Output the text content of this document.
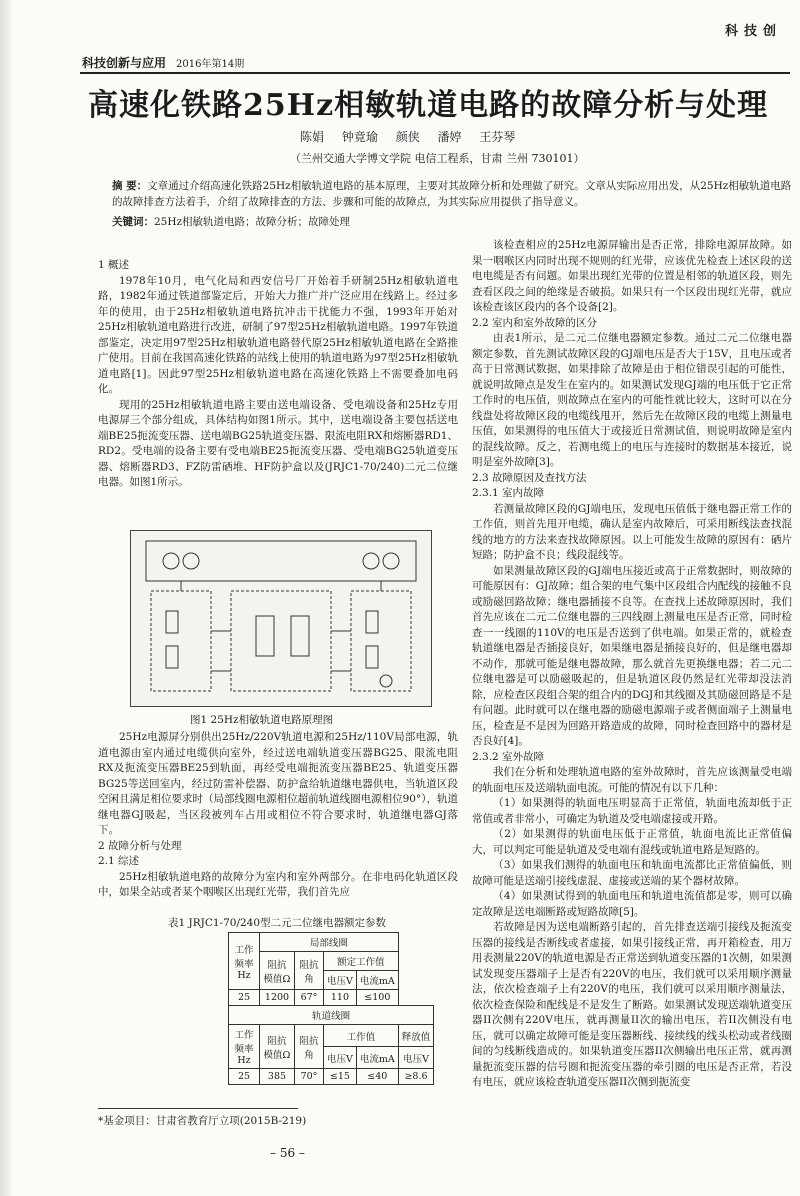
科技创
科技创新与应用 2016年第14期
高速化铁路25Hz相敏轨道电路的故障分析与处理
陈娟 钟竟瑜 颜侠 潘婷 王芬琴
（兰州交通大学博文学院 电信工程系，甘肃 兰州 730101）
摘 要：文章通过介绍高速化铁路25Hz相敏轨道电路的基本原理，主要对其故障分析和处理做了研究。文章从实际应用出发，从25Hz相敏轨道电路的故障排查方法着手，介绍了故障排查的方法、步骤和可能的故障点，为其实际应用提供了指导意义。
关键词：25Hz相敏轨道电路；故障分析；故障处理

1 概述

1978年10月，电气化局和西安信号厂开始着手研制25Hz相敏轨道电路，1982年通过铁道部鉴定后，开始大力推广并广泛应用在线路上。经过多年的使用，由于25Hz相敏轨道电路抗冲击干扰能力不强，1993年开始对25Hz相敏轨道电路进行改进，研制了97型25Hz相敏轨道电路。1997年铁道部鉴定，决定用97型25Hz相敏轨道电路替代原25Hz相敏轨道电路在全路推广使用。目前在我国高速化铁路的站线上使用的轨道电路为97型25Hz相敏轨道电路[1]。因此97型25Hz相敏轨道电路在高速化铁路上不需要叠加电码化。

现用的25Hz相敏轨道电路主要由送电端设备、受电端设备和25Hz专用电源屏三个部分组成，具体结构如图1所示。其中，送电端设备主要包括送电端BE25扼流变压器、送电端BG25轨道变压器、限流电阻RX和熔断器RD1、RD2。受电端的设备主要有受电端BE25扼流变压器、受电端BG25轨道变压器、熔断器RD3、FZ防雷硒堆、HF防护盒以及(JRJC1-70/240)二元二位继电器。如图1所示。

图1 25Hz相敏轨道电路原理图

25Hz电源屏分别供出25Hz/220V轨道电源和25Hz/110V局部电源，轨道电源由室内通过电缆供向室外，经过送电端轨道变压器BG25、限流电阻RX及扼流变压器BE25到轨面，再经受电端扼流变压器BE25、轨道变压器BG25等送回室内，经过防雷补偿器、防护盒给轨道继电器供电，当轨道区段空闲且满足相位要求时（局部线圈电源相位超前轨道线圈电源相位90°），轨道继电器GJ吸起，当区段被列车占用或相位不符合要求时，轨道继电器GJ落下。

2 故障分析与处理

2.1 综述

25Hz相敏轨道电路的故障分为室内和室外两部分。在非电码化轨道区段中，如果全站或者某个咽喉区出现红光带，我们首先应

表1 JRJC1-70/240型二元二位继电器额定参数
工作频率Hz	局部线圈				
	阻抗模值Ω	阻抗角	额定工作值		
			电压V	电流mA	
25	1200	67°	110	≤100	
轨道线圈					
工作频率Hz	阻抗模值Ω	阻抗角	工作值		释放值
			电压V	电流mA	电压V
25	385	70°	≤15	≤40	≥8.6
*基金项目：甘肃省教育厅立项(2015B-219)
– 56 –

该检查相应的25Hz电源屏输出是否正常，排除电源屏故障。如果一咽喉区内同时出现不规则的红光带，应该优先检查上述区段的送电电缆是否有问题。如果出现红光带的位置是相邻的轨道区段，则先查看区段之间的绝缘是否破损。如果只有一个区段出现红光带，就应该检查该区段内的各个设备[2]。

2.2 室内和室外故障的区分

由表1所示，是二元二位继电器额定参数。通过二元二位继电器额定参数，首先测试故障区段的GJ端电压是否大于15V，且电压或者高于日常测试数据，如果排除了故障是由于相位错误引起的可能性，就说明故障点是发生在室内的。如果测试发现GJ端的电压低于它正常工作时的电压值，则故障点在室内的可能性就比较大，这时可以在分线盘处将故障区段的电缆线甩开，然后先在故障区段的电缆上测量电压值，如果测得的电压值大于或接近日常测试值，则说明故障是室内的混线故障。反之，若测电缆上的电压与连接时的数据基本接近，说明是室外故障[3]。

2.3 故障原因及查找方法

2.3.1 室内故障

若测量故障区段的GJ端电压，发现电压值低于继电器正常工作的工作值，则首先甩开电缆，确认是室内故障后，可采用断线法查找混线的地方的方法来查找故障原因。以上可能发生故障的原因有：硒片短路；防护盒不良；线段混线等。

如果测量故障区段的GJ端电压接近或高于正常数据时，则故障的可能原因有：GJ故障；组合架的电气集中区段组合内配线的接触不良或励磁回路故障；继电器插接不良等。在查找上述故障原因时，我们首先应该在二元二位继电器的三四线圈上测量电压是否正常，同时检查一一线圈的110V的电压是否送到了供电端。如果正常的，就检查轨道继电器是否插接良好，如果继电器是插接良好的，但是继电器却不动作，那就可能是继电器故障，那么就首先更换继电器；若二元二位继电器是可以励磁吸起的，但是轨道区段仍然是红光带却没法消除，应检查区段组合架的组合内的DGJ和其线圈及其励磁回路是不是有问题。此时就可以在继电器的励磁电源端子或者侧面端子上测量电压，检查是不是因为回路开路造成的故障，同时检查回路中的器材是否良好[4]。

2.3.2 室外故障

我们在分析和处理轨道电路的室外故障时，首先应该测量受电端的轨面电压及送端轨面电流。可能的情况有以下几种：

（1）如果测得的轨面电压明显高于正常值，轨面电流却低于正常值或者非常小，可确定为轨道及受电端虚接或开路。

（2）如果测得的轨面电压低于正常值，轨面电流比正常值偏大，可以判定可能是轨道及受电端有混线或轨道电路是短路的。

（3）如果我们测得的轨面电压和轨面电流都比正常值偏低，则故障可能是送端引接线虚混、虚接或送端的某个器材故障。

（4）如果测试得到的轨面电压和轨道电流值都是零，则可以确定故障是送电端断路或短路故障[5]。

若故障是因为送电端断路引起的，首先排查送端引接线及扼流变压器的接线是否断线或者虚接，如果引接线正常，再开箱检查，用万用表测量220V的轨道电源是否正常送到轨道变压器的1次侧，如果测试发现变压器端子上是否有220V的电压，我们就可以采用顺序测量法，依次检查端子上有220V的电压，我们就可以采用顺序测量法，依次检查保险和配线是不是发生了断路。如果测试发现送端轨道变压器II次侧有220V电压，就再测量II次的输出电压，若II次侧没有电压，就可以确定故障可能是变压器断线、接续线的线头松动或者线圈间的匀线断线造成的。如果轨道变压器II次侧输出电压正常，就再测量扼流变压器的信号圈和扼流变压器的牵引圈的电压是否正常，若没有电压，就应该检查轨道变压器II次侧到扼流变
